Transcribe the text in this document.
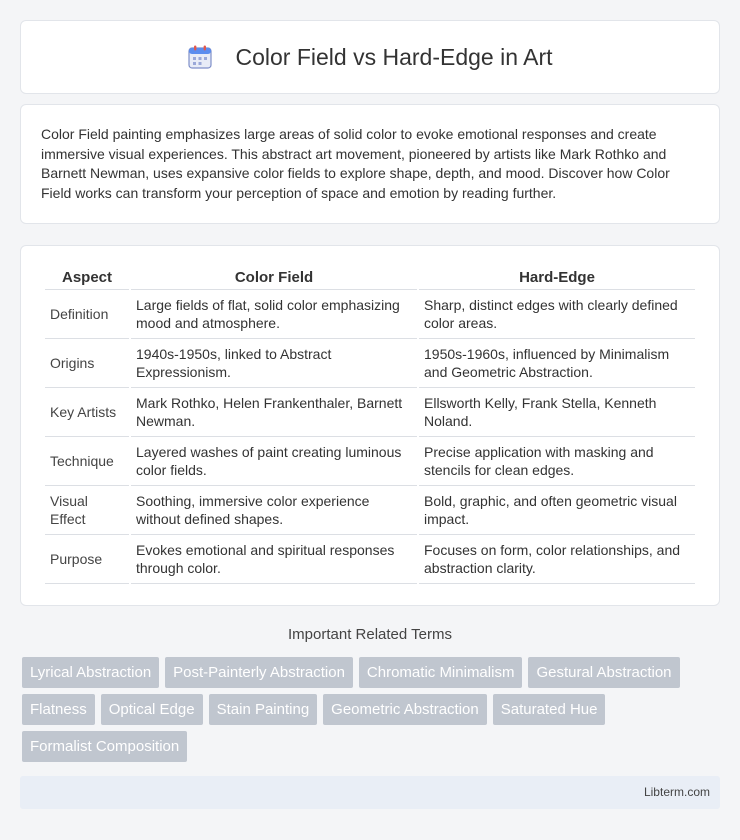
Color Field vs Hard-Edge in Art

Color Field painting emphasizes large areas of solid color to evoke emotional responses and create immersive visual experiences. This abstract art movement, pioneered by artists like Mark Rothko and Barnett Newman, uses expansive color fields to explore shape, depth, and mood. Discover how Color Field works can transform your perception of space and emotion by reading further.

Aspect	Color Field	Hard-Edge
Definition	Large fields of flat, solid color emphasizing mood and atmosphere.	Sharp, distinct edges with clearly defined color areas.
Origins	1940s-1950s, linked to Abstract Expressionism.	1950s-1960s, influenced by Minimalism and Geometric Abstraction.
Key Artists	Mark Rothko, Helen Frankenthaler, Barnett Newman.	Ellsworth Kelly, Frank Stella, Kenneth Noland.
Technique	Layered washes of paint creating luminous color fields.	Precise application with masking and stencils for clean edges.
Visual Effect	Soothing, immersive color experience without defined shapes.	Bold, graphic, and often geometric visual impact.
Purpose	Evokes emotional and spiritual responses through color.	Focuses on form, color relationships, and abstraction clarity.
Important Related Terms
Lyrical Abstraction	Post-Painterly Abstraction	Chromatic Minimalism	Gestural Abstraction
Flatness	Optical Edge	Stain Painting	Geometric Abstraction	Saturated Hue
Formalist Composition
Libterm.com
